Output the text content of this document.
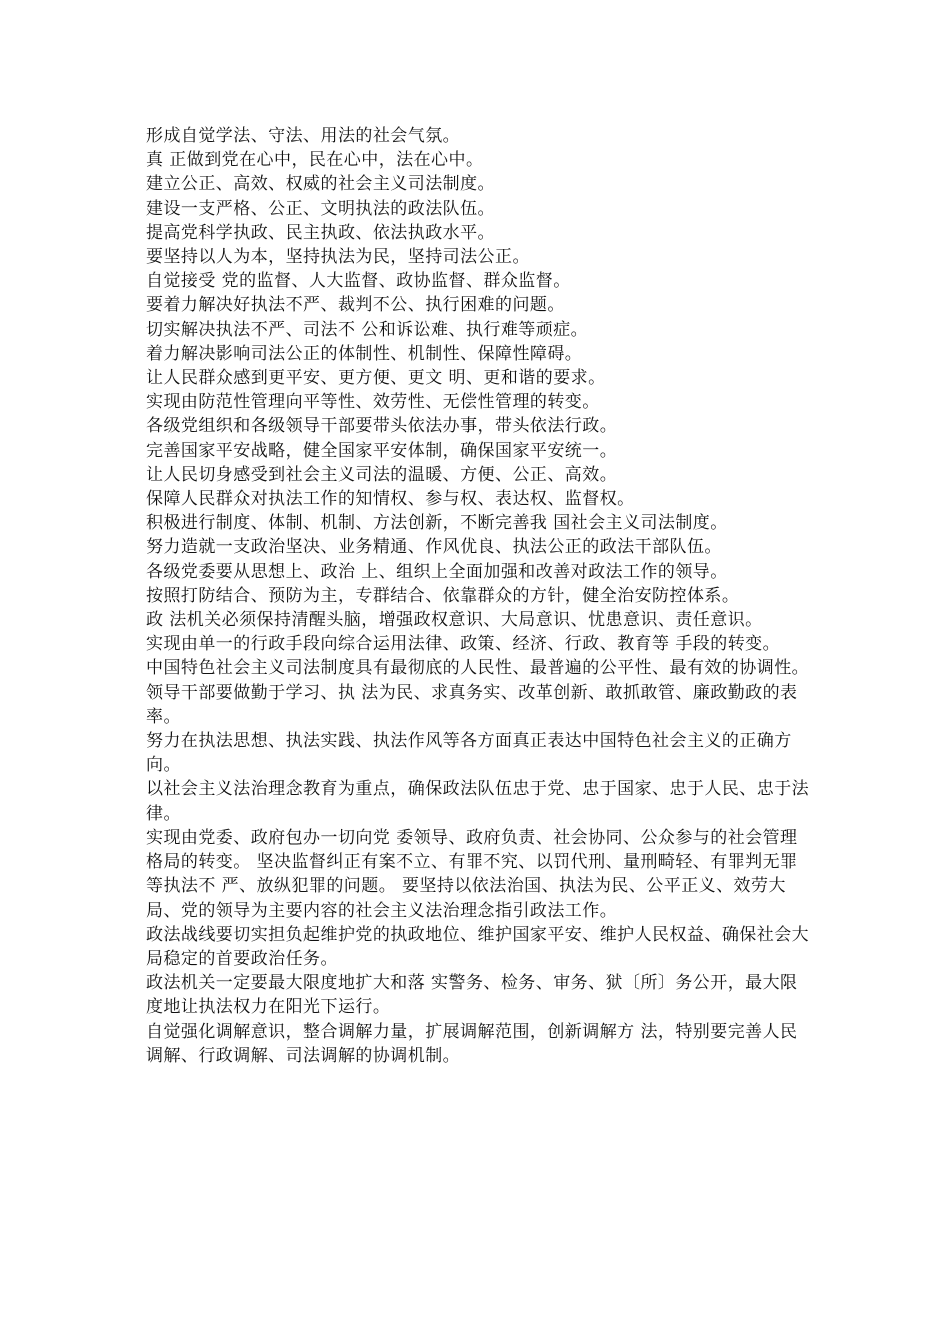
形成自觉学法、守法、用法的社会气氛。

真 正做到党在心中，民在心中，法在心中。

建立公正、高效、权威的社会主义司法制度。

建设一支严格、公正、文明执法的政法队伍。

提高党科学执政、民主执政、依法执政水平。

要坚持以人为本，坚持执法为民，坚持司法公正。

自觉接受 党的监督、人大监督、政协监督、群众监督。

要着力解决好执法不严、裁判不公、执行困难的问题。

切实解决执法不严、司法不 公和诉讼难、执行难等顽症。

着力解决影响司法公正的体制性、机制性、保障性障碍。

让人民群众感到更平安、更方便、更文 明、更和谐的要求。

实现由防范性管理向平等性、效劳性、无偿性管理的转变。

各级党组织和各级领导干部要带头依法办事，带头依法行政。

完善国家平安战略，健全国家平安体制，确保国家平安统一。

让人民切身感受到社会主义司法的温暖、方便、公正、高效。

保障人民群众对执法工作的知情权、参与权、表达权、监督权。

积极进行制度、体制、机制、方法创新，不断完善我 国社会主义司法制度。

努力造就一支政治坚决、业务精通、作风优良、执法公正的政法干部队伍。

各级党委要从思想上、政治 上、组织上全面加强和改善对政法工作的领导。

按照打防结合、预防为主，专群结合、依靠群众的方针，健全治安防控体系。

政 法机关必须保持清醒头脑，增强政权意识、大局意识、忧患意识、责任意识。

实现由单一的行政手段向综合运用法律、政策、经济、行政、教育等 手段的转变。

中国特色社会主义司法制度具有最彻底的人民性、最普遍的公平性、最有效的协调性。

领导干部要做勤于学习、执 法为民、求真务实、改革创新、敢抓敢管、廉政勤政的表率。

努力在执法思想、执法实践、执法作风等各方面真正表达中国特色社会主义的正确方 向。

以社会主义法治理念教育为重点，确保政法队伍忠于党、忠于国家、忠于人民、忠于法律。

实现由党委、政府包办一切向党 委领导、政府负责、社会协同、公众参与的社会管理格局的转变。 坚决监督纠正有案不立、有罪不究、以罚代刑、量刑畸轻、有罪判无罪等执法不 严、放纵犯罪的问题。 要坚持以依法治国、执法为民、公平正义、效劳大局、党的领导为主要内容的社会主义法治理念指引政法工作。

政法战线要切实担负起维护党的执政地位、维护国家平安、维护人民权益、确保社会大局稳定的首要政治任务。

政法机关一定要最大限度地扩大和落 实警务、检务、审务、狱〔所〕务公开，最大限度地让执法权力在阳光下运行。

自觉强化调解意识，整合调解力量，扩展调解范围，创新调解方 法，特别要完善人民调解、行政调解、司法调解的协调机制。
